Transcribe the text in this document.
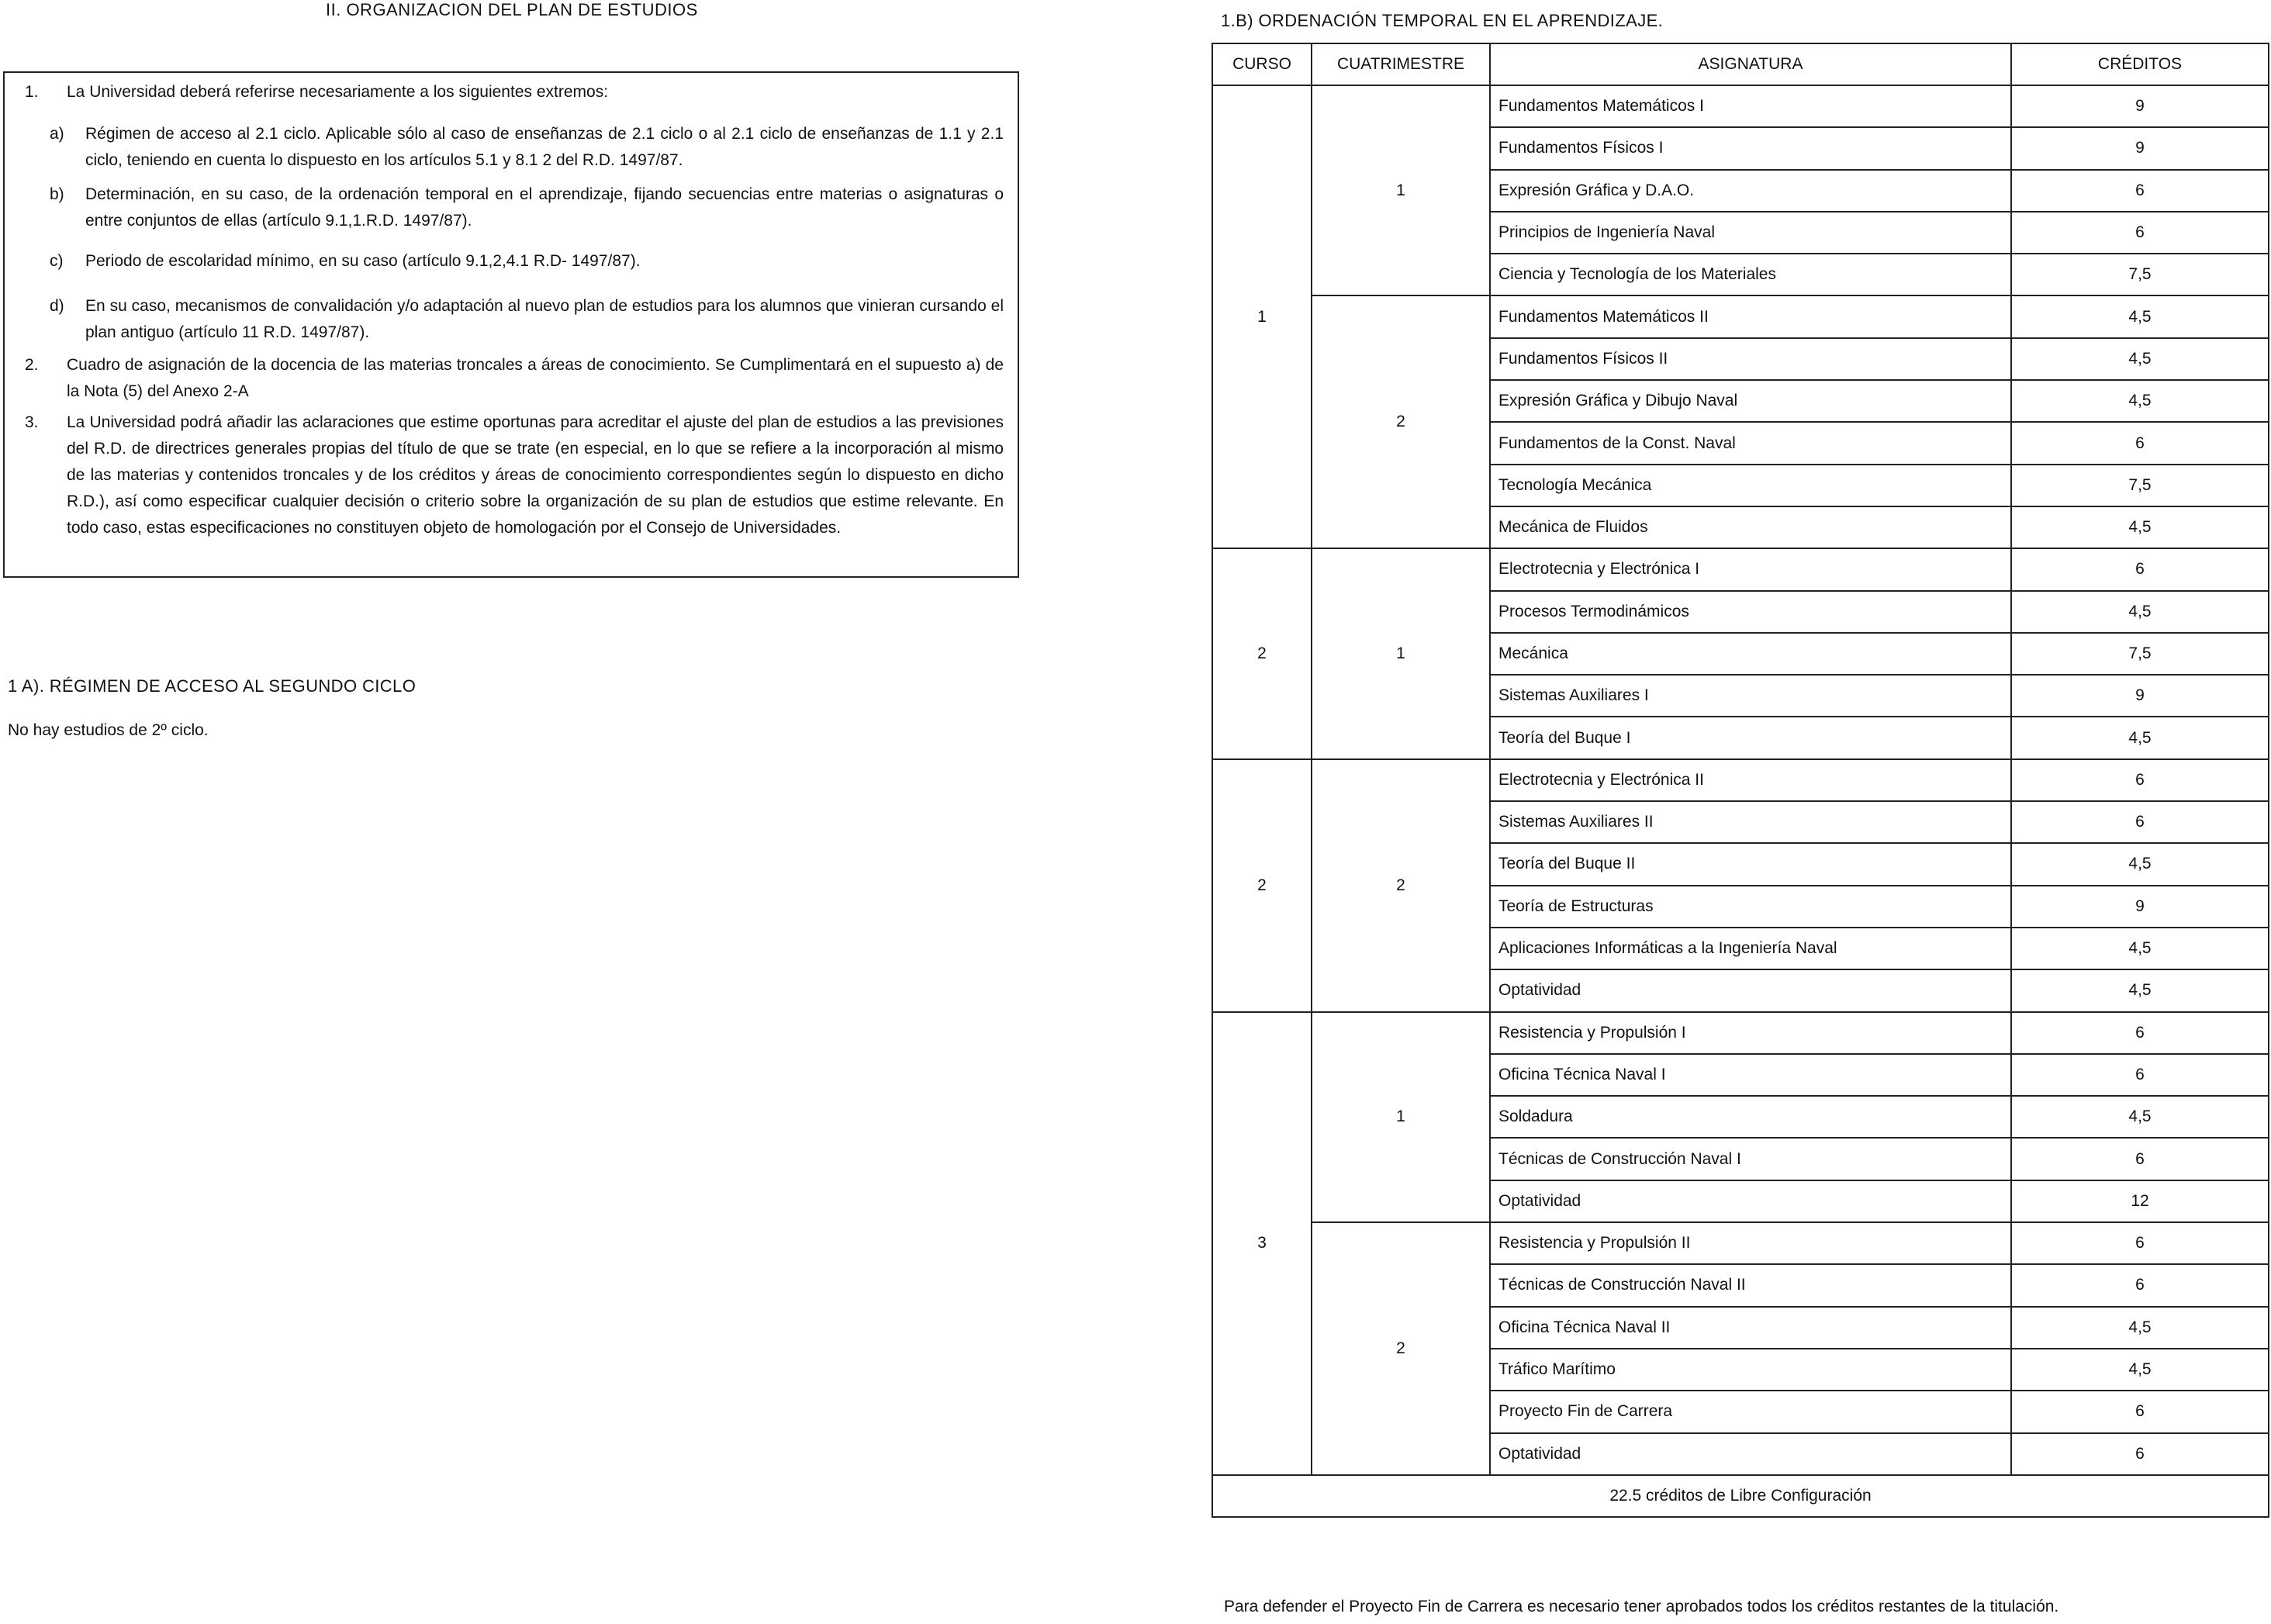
II. ORGANIZACION DEL PLAN DE ESTUDIOS
1. La Universidad deberá referirse necesariamente a los siguientes extremos:
a) Régimen de acceso al 2.1 ciclo. Aplicable sólo al caso de enseñanzas de 2.1 ciclo o al 2.1 ciclo de enseñanzas de 1.1 y 2.1 ciclo, teniendo en cuenta lo dispuesto en los artículos 5.1 y 8.1 2 del R.D. 1497/87.
b) Determinación, en su caso, de la ordenación temporal en el aprendizaje, fijando secuencias entre materias o asignaturas o entre conjuntos de ellas (artículo 9.1,1.R.D. 1497/87).
c) Periodo de escolaridad mínimo, en su caso (artículo 9.1,2,4.1 R.D- 1497/87).
d) En su caso, mecanismos de convalidación y/o adaptación al nuevo plan de estudios para los alumnos que vinieran cursando el plan antiguo (artículo 11 R.D. 1497/87).
2. Cuadro de asignación de la docencia de las materias troncales a áreas de conocimiento. Se Cumplimentará en el supuesto a) de la Nota (5) del Anexo 2-A
3. La Universidad podrá añadir las aclaraciones que estime oportunas para acreditar el ajuste del plan de estudios a las previsiones del R.D. de directrices generales propias del título de que se trate (en especial, en lo que se refiere a la incorporación al mismo de las materias y contenidos troncales y de los créditos y áreas de conocimiento correspondientes según lo dispuesto en dicho R.D.), así como especificar cualquier decisión o criterio sobre la organización de su plan de estudios que estime relevante. En todo caso, estas especificaciones no constituyen objeto de homologación por el Consejo de Universidades.
1 A). RÉGIMEN DE ACCESO AL SEGUNDO CICLO
No hay estudios de 2º ciclo.
1.B) ORDENACIÓN TEMPORAL EN EL APRENDIZAJE.
CURSO	CUATRIMESTRE	ASIGNATURA	CRÉDITOS
1	1	Fundamentos Matemáticos I	9
		Fundamentos Físicos I	9
		Expresión Gráfica y D.A.O.	6
		Principios de Ingeniería Naval	6
		Ciencia y Tecnología de los Materiales	7,5
	2	Fundamentos Matemáticos II	4,5
		Fundamentos Físicos II	4,5
		Expresión Gráfica y Dibujo Naval	4,5
		Fundamentos de la Const. Naval	6
		Tecnología Mecánica	7,5
		Mecánica de Fluidos	4,5
2	1	Electrotecnia y Electrónica I	6
		Procesos Termodinámicos	4,5
		Mecánica	7,5
		Sistemas Auxiliares I	9
		Teoría del Buque I	4,5
2	2	Electrotecnia y Electrónica II	6
		Sistemas Auxiliares II	6
		Teoría del Buque II	4,5
		Teoría de Estructuras	9
		Aplicaciones Informáticas a la Ingeniería Naval	4,5
		Optatividad	4,5
3	1	Resistencia y Propulsión I	6
		Oficina Técnica Naval I	6
		Soldadura	4,5
		Técnicas de Construcción Naval I	6
		Optatividad	12
	2	Resistencia y Propulsión II	6
		Técnicas de Construcción Naval II	6
		Oficina Técnica Naval II	4,5
		Tráfico Marítimo	4,5
		Proyecto Fin de Carrera	6
		Optatividad	6
22.5 créditos de Libre Configuración			
Para defender el Proyecto Fin de Carrera es necesario tener aprobados todos los créditos restantes de la titulación.
